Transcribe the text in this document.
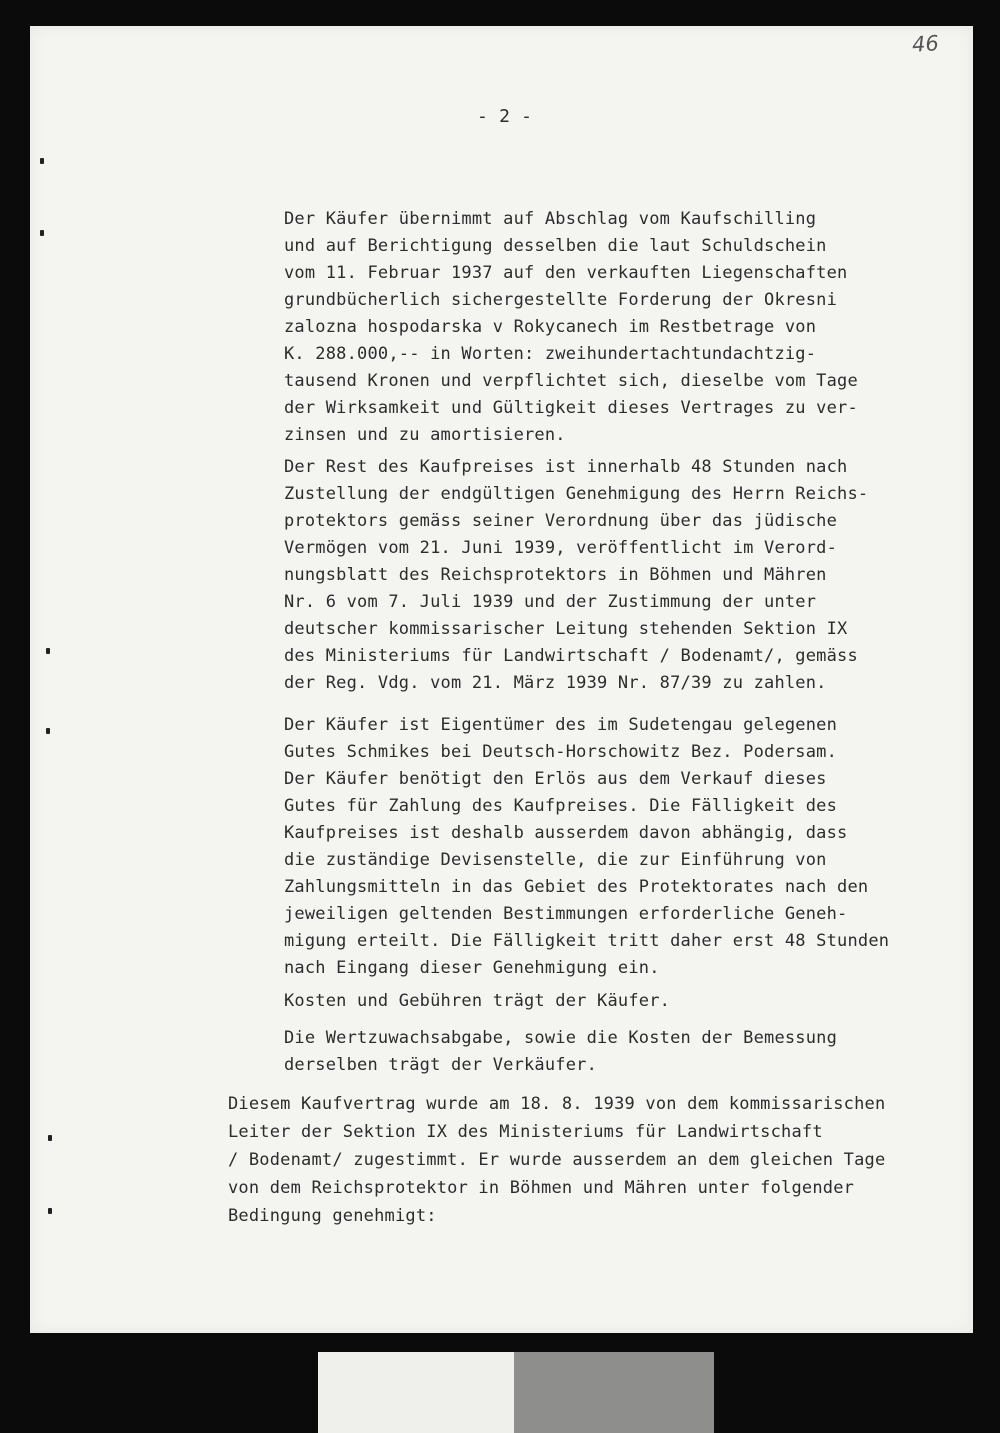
46
- 2 -
Der Käufer übernimmt auf Abschlag vom Kaufschilling
und auf Berichtigung desselben die laut Schuldschein
vom 11. Februar 1937 auf den verkauften Liegenschaften
grundbücherlich sichergestellte Forderung der Okresni
zalozna hospodarska v Rokycanech im Restbetrage von
K. 288.000,-- in Worten: zweihundertachtundachtzig-
tausend Kronen und verpflichtet sich, dieselbe vom Tage
der Wirksamkeit und Gültigkeit dieses Vertrages zu ver-
zinsen und zu amortisieren.
Der Rest des Kaufpreises ist innerhalb 48 Stunden nach
Zustellung der endgültigen Genehmigung des Herrn Reichs-
protektors gemäss seiner Verordnung über das jüdische
Vermögen vom 21. Juni 1939, veröffentlicht im Verord-
nungsblatt des Reichsprotektors in Böhmen und Mähren
Nr. 6 vom 7. Juli 1939 und der Zustimmung der unter
deutscher kommissarischer Leitung stehenden Sektion IX
des Ministeriums für Landwirtschaft / Bodenamt/, gemäss
der Reg. Vdg. vom 21. März 1939 Nr. 87/39 zu zahlen.
Der Käufer ist Eigentümer des im Sudetengau gelegenen
Gutes Schmikes bei Deutsch-Horschowitz Bez. Podersam.
Der Käufer benötigt den Erlös aus dem Verkauf dieses
Gutes für Zahlung des Kaufpreises. Die Fälligkeit des
Kaufpreises ist deshalb ausserdem davon abhängig, dass
die zuständige Devisenstelle, die zur Einführung von
Zahlungsmitteln in das Gebiet des Protektorates nach den
jeweiligen geltenden Bestimmungen erforderliche Geneh-
migung erteilt. Die Fälligkeit tritt daher erst 48 Stunden
nach Eingang dieser Genehmigung ein.
Kosten und Gebühren trägt der Käufer.
Die Wertzuwachsabgabe, sowie die Kosten der Bemessung
derselben trägt der Verkäufer.
Diesem Kaufvertrag wurde am 18. 8. 1939 von dem kommissarischen
Leiter der Sektion IX des Ministeriums für Landwirtschaft
/ Bodenamt/ zugestimmt. Er wurde ausserdem an dem gleichen Tage
von dem Reichsprotektor in Böhmen und Mähren unter folgender
Bedingung genehmigt:
